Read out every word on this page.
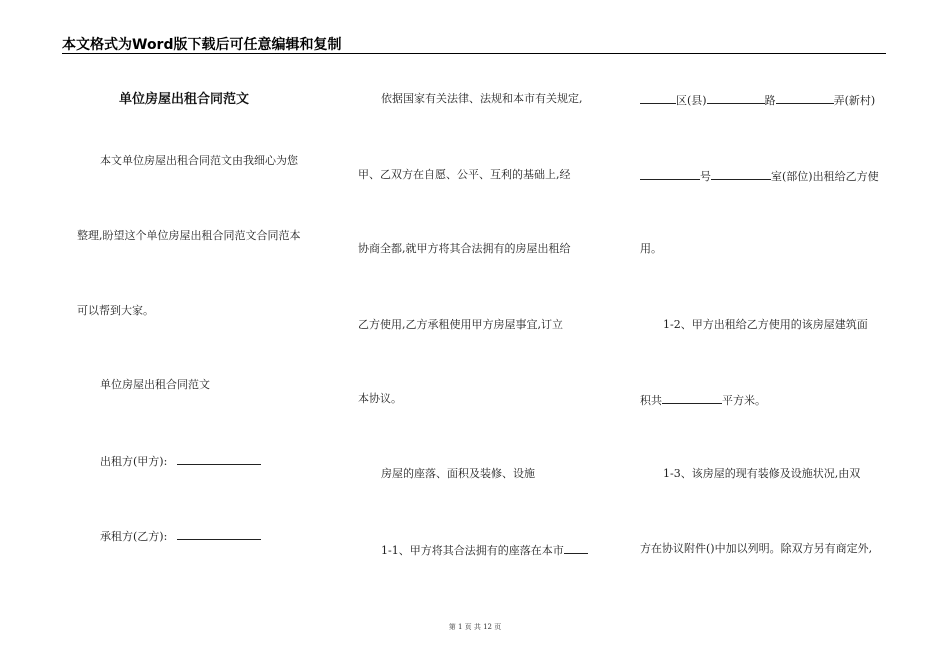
本文格式为Word版下载后可任意编辑和复制
单位房屋出租合同范文
本文单位房屋出租合同范文由我细心为您
整理,盼望这个单位房屋出租合同范文合同范本
可以帮到大家。
单位房屋出租合同范文
出租方(甲方):
承租方(乙方):
依据国家有关法律、法规和本市有关规定,
甲、乙双方在自愿、公平、互利的基础上,经
协商全都,就甲方将其合法拥有的房屋出租给
乙方使用,乙方承租使用甲方房屋事宜,订立
本协议。
房屋的座落、面积及装修、设施
1-1、甲方将其合法拥有的座落在本市
区(县)	路	弄(新村)
号	室(部位)出租给乙方使
用。
1-2、甲方出租给乙方使用的该房屋建筑面
积共	平方米。
1-3、该房屋的现有装修及设施状况,由双
方在协议附件()中加以列明。除双方另有商定外,
第 1 页 共 12 页
